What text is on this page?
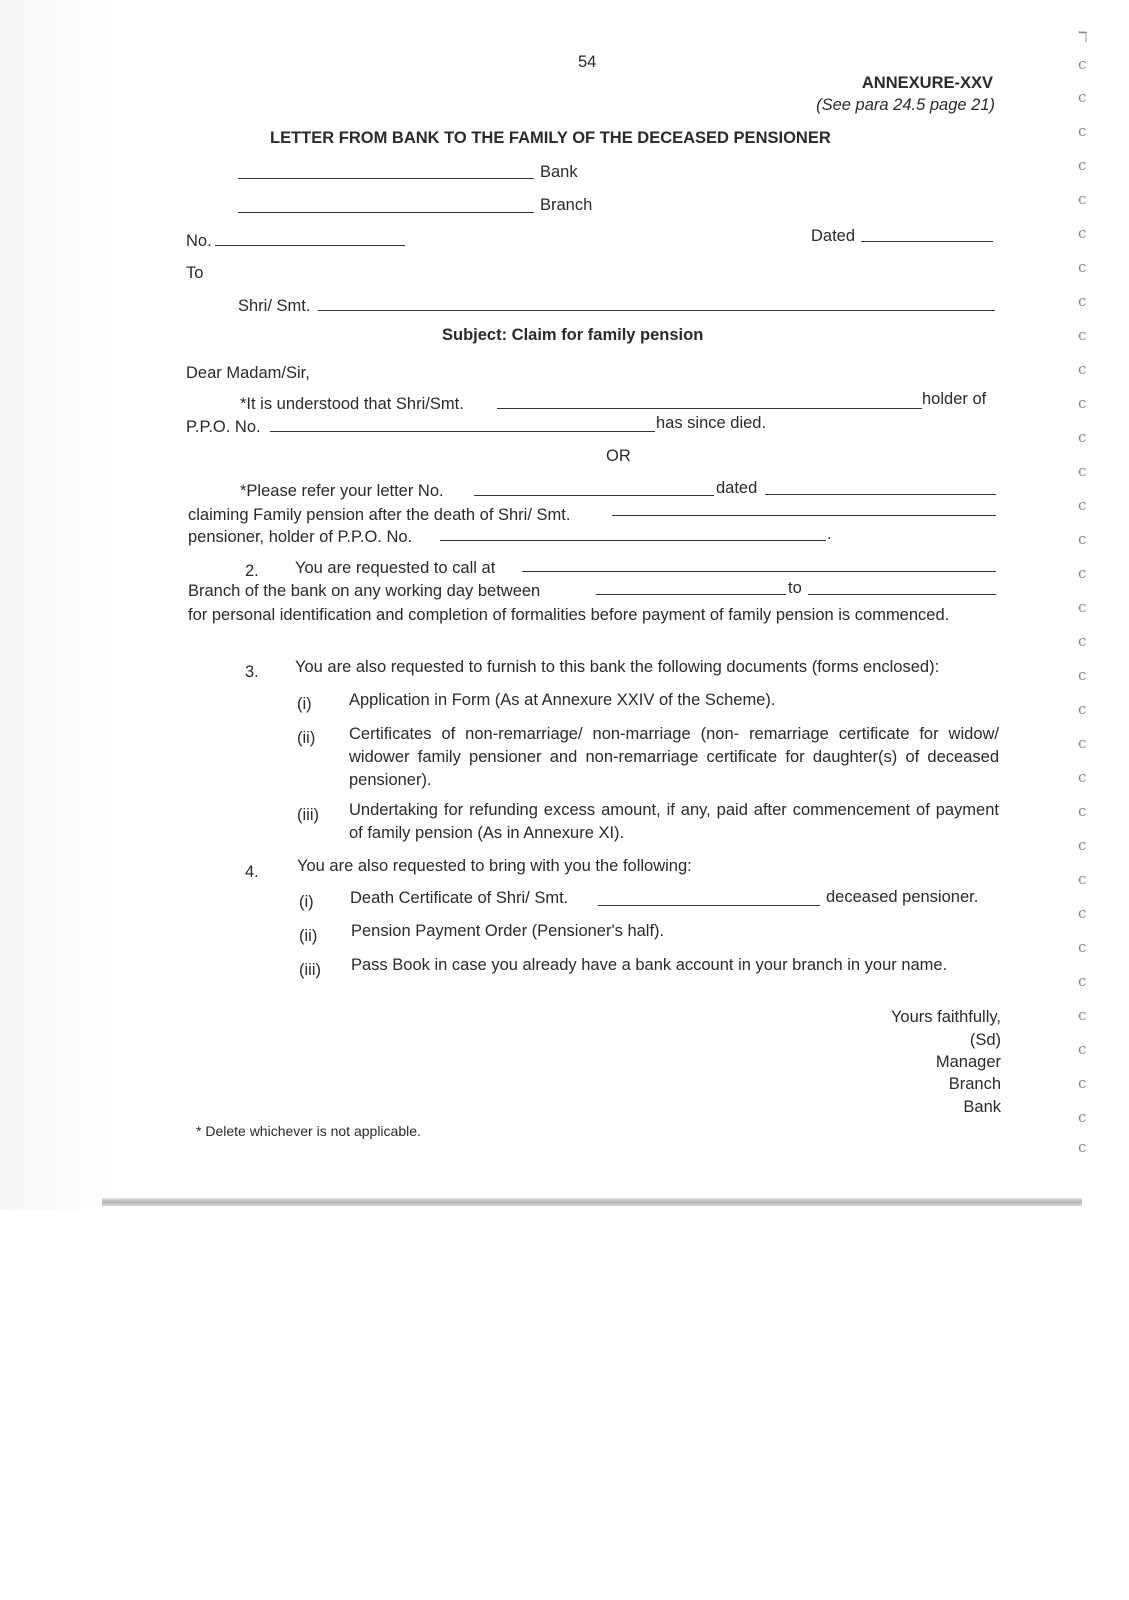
54
ANNEXURE-XXV
(See para 24.5 page 21)
LETTER FROM BANK TO THE FAMILY OF THE DECEASED PENSIONER
Bank
Branch
No.	Dated
To
Shri/ Smt.
Subject: Claim for family pension
Dear Madam/Sir,
*It is understood that Shri/Smt.	holder of
P.P.O. No.	has since died.
OR
*Please refer your letter No.	dated
claiming Family pension after the death of Shri/ Smt.
pensioner, holder of P.P.O. No.	.
2. You are requested to call at
Branch of the bank on any working day between	to
for personal identification and completion of formalities before payment of family pension is commenced.
3. You are also requested to furnish to this bank the following documents (forms enclosed):
(i) Application in Form (As at Annexure XXIV of the Scheme).
(ii) Certificates of non-remarriage/ non-marriage (non- remarriage certificate for widow/ widower family pensioner and non-remarriage certificate for daughter(s) of deceased pensioner).
(iii) Undertaking for refunding excess amount, if any, paid after commencement of payment of family pension (As in Annexure XI).
4. You are also requested to bring with you the following:
(i) Death Certificate of Shri/ Smt.	deceased pensioner.
(ii) Pension Payment Order (Pensioner's half).
(iii) Pass Book in case you already have a bank account in your branch in your name.
Yours faithfully,
(Sd)
Manager
Branch
Bank
* Delete whichever is not applicable.
ℸ
ϲ
ϲ
ϲ
ϲ
ϲ
ϲ
ϲ
ϲ
ϲ
ϲ
ϲ
ϲ
ϲ
ϲ
ϲ
ϲ
ϲ
ϲ
ϲ
ϲ
ϲ
ϲ
ϲ
ϲ
ϲ
ϲ
ϲ
ϲ
ϲ
ϲ
ϲ
ϲ
ϲ
